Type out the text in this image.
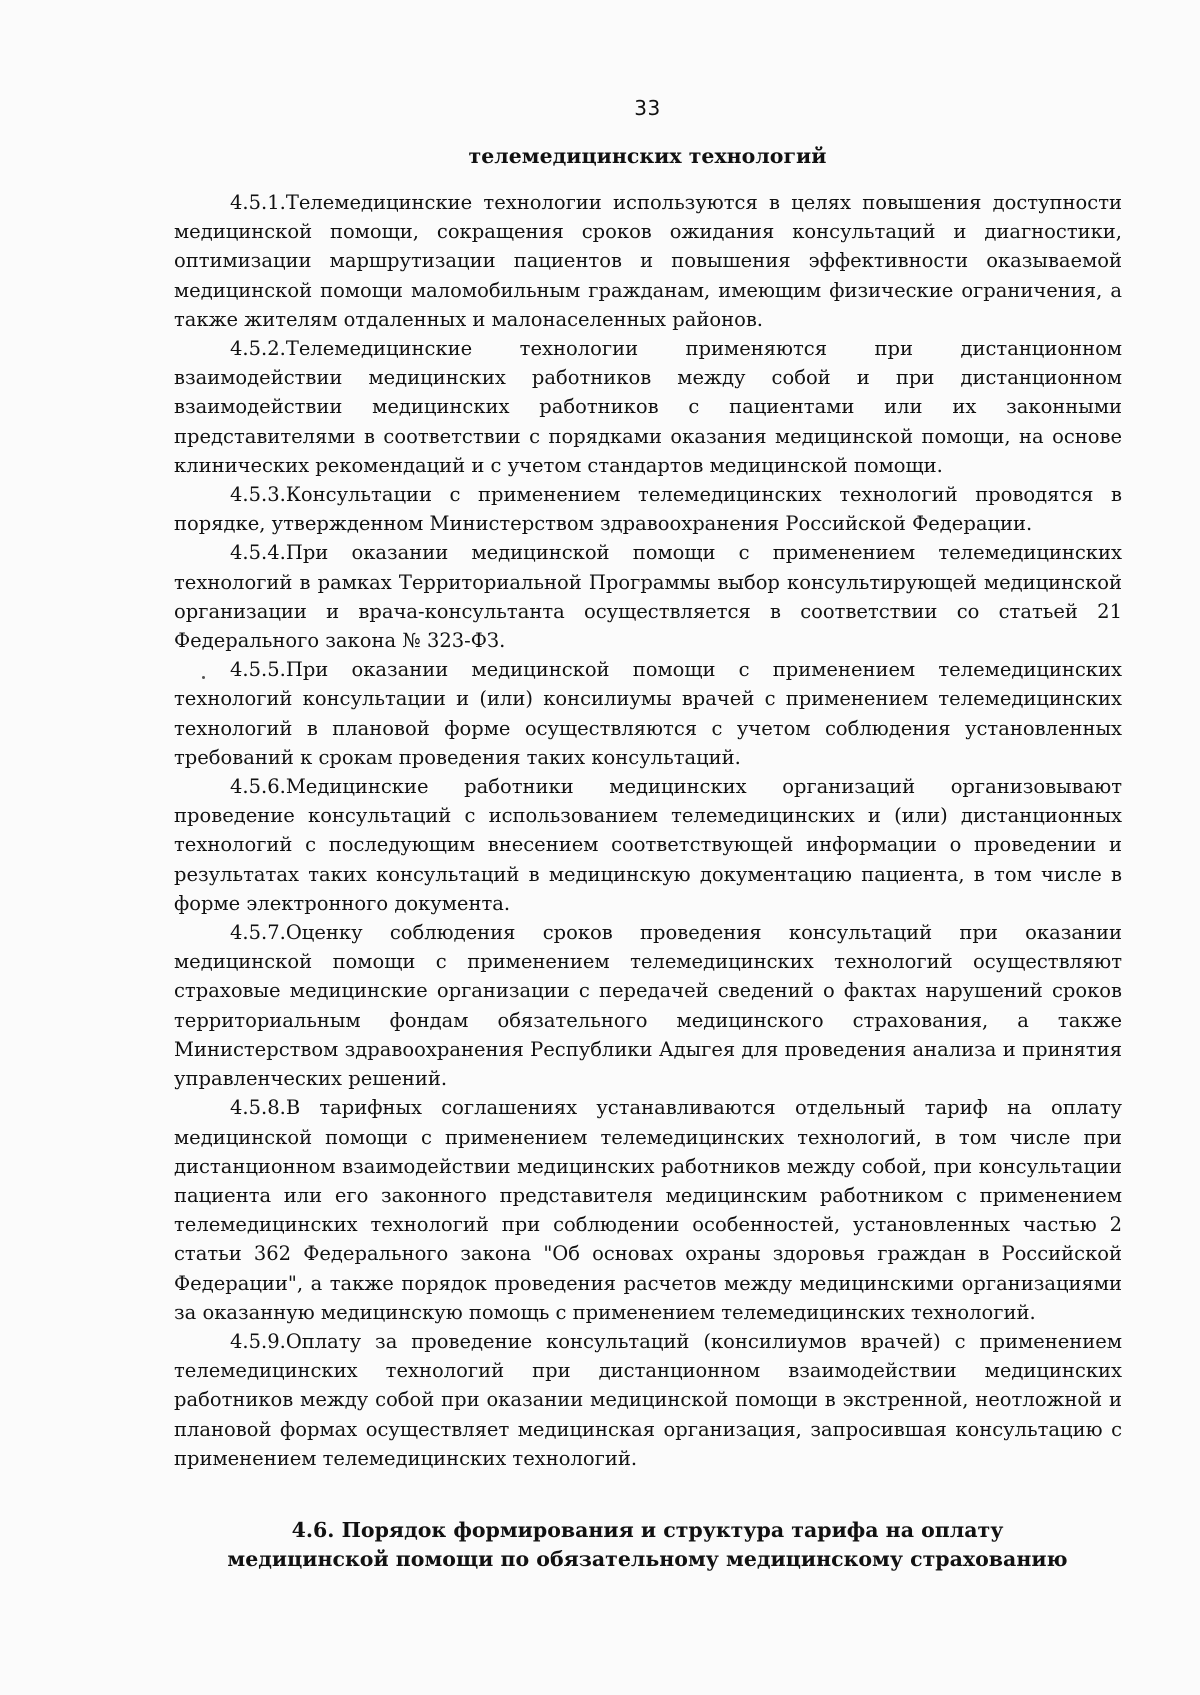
33
телемедицинских технологий

4.5.1.Телемедицинские технологии используются в целях повышения доступности медицинской помощи, сокращения сроков ожидания консультаций и диагностики, оптимизации маршрутизации пациентов и повышения эффективности оказываемой медицинской помощи маломобильным гражданам, имеющим физические ограничения, а также жителям отдаленных и малонаселенных районов.

4.5.2.Телемедицинские технологии применяются при дистанционном взаимодействии медицинских работников между собой и при дистанционном взаимодействии медицинских работников с пациентами или их законными представителями в соответствии с порядками оказания медицинской помощи, на основе клинических рекомендаций и с учетом стандартов медицинской помощи.

4.5.3.Консультации с применением телемедицинских технологий проводятся в порядке, утвержденном Министерством здравоохранения Российской Федерации.

4.5.4.При оказании медицинской помощи с применением телемедицинских технологий в рамках Территориальной Программы выбор консультирующей медицинской организации и врача-консультанта осуществляется в соответствии со статьей 21 Федерального закона № 323-ФЗ.

4.5.5.При оказании медицинской помощи с применением телемедицинских технологий консультации и (или) консилиумы врачей с применением телемедицинских технологий в плановой форме осуществляются с учетом соблюдения установленных требований к срокам проведения таких консультаций.

4.5.6.Медицинские работники медицинских организаций организовывают проведение консультаций с использованием телемедицинских и (или) дистанционных технологий с последующим внесением соответствующей информации о проведении и результатах таких консультаций в медицинскую документацию пациента, в том числе в форме электронного документа.

4.5.7.Оценку соблюдения сроков проведения консультаций при оказании медицинской помощи с применением телемедицинских технологий осуществляют страховые медицинские организации с передачей сведений о фактах нарушений сроков территориальным фондам обязательного медицинского страхования, а также Министерством здравоохранения Республики Адыгея для проведения анализа и принятия управленческих решений.

4.5.8.В тарифных соглашениях устанавливаются отдельный тариф на оплату медицинской помощи с применением телемедицинских технологий, в том числе при дистанционном взаимодействии медицинских работников между собой, при консультации пациента или его законного представителя медицинским работником с применением телемедицинских технологий при соблюдении особенностей, установленных частью 2 статьи 362 Федерального закона "Об основах охраны здоровья граждан в Российской Федерации", а также порядок проведения расчетов между медицинскими организациями за оказанную медицинскую помощь с применением телемедицинских технологий.

4.5.9.Оплату за проведение консультаций (консилиумов врачей) с применением телемедицинских технологий при дистанционном взаимодействии медицинских работников между собой при оказании медицинской помощи в экстренной, неотложной и плановой формах осуществляет медицинская организация, запросившая консультацию с применением телемедицинских технологий.

4.6. Порядок формирования и структура тарифа на оплату
медицинской помощи по обязательному медицинскому страхованию
